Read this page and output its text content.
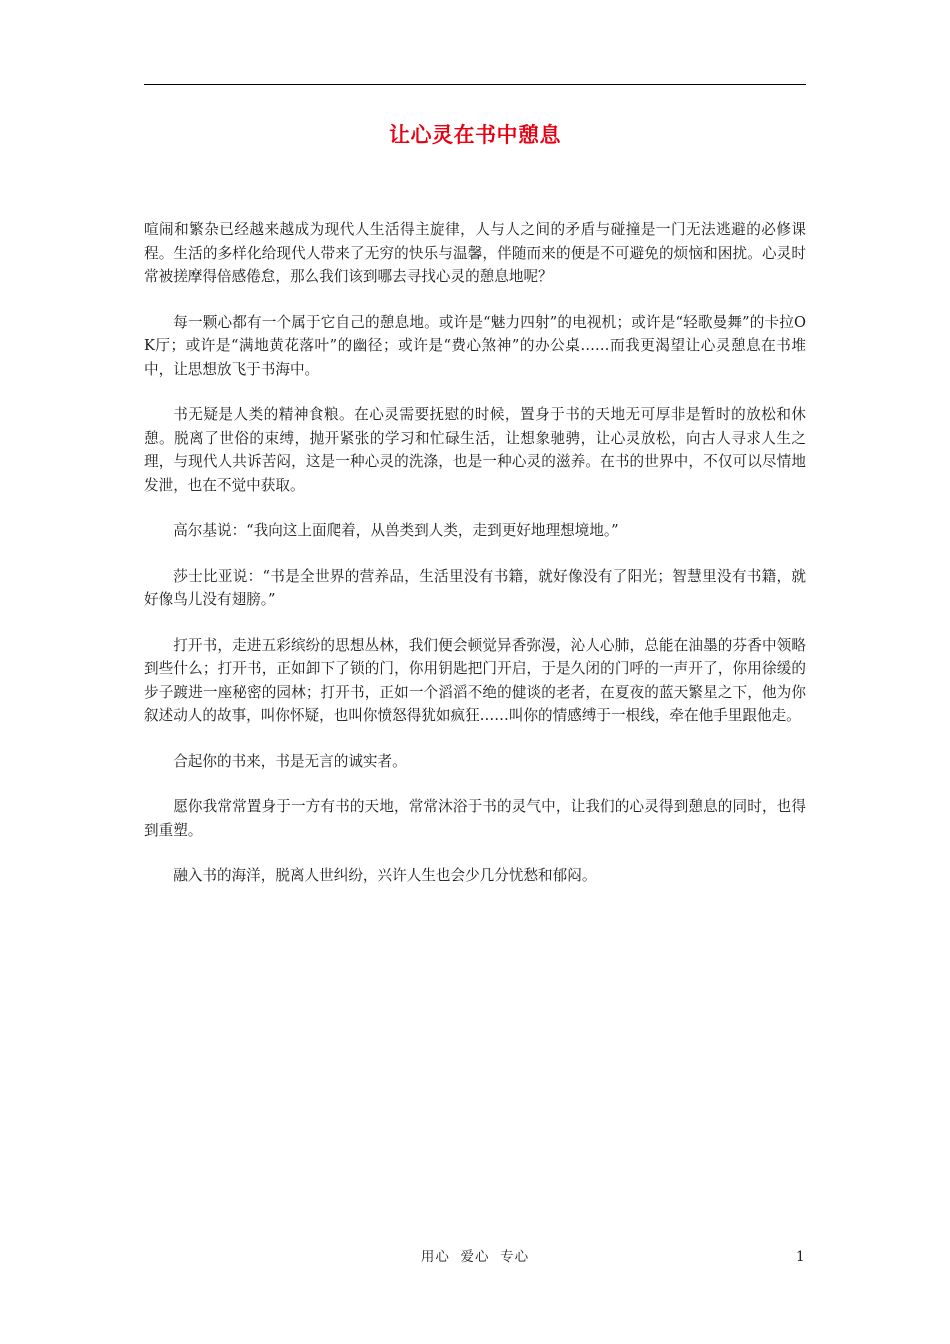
让心灵在书中憩息

喧闹和繁杂已经越来越成为现代人生活得主旋律，人与人之间的矛盾与碰撞是一门无法逃避的必修课程。生活的多样化给现代人带来了无穷的快乐与温馨，伴随而来的便是不可避免的烦恼和困扰。心灵时常被搓摩得倍感倦怠，那么我们该到哪去寻找心灵的憩息地呢？

每一颗心都有一个属于它自己的憩息地。或许是“魅力四射”的电视机；或许是“轻歌曼舞”的卡拉OK厅；或许是“满地黄花落叶”的幽径；或许是“费心煞神”的办公桌……而我更渴望让心灵憩息在书堆中，让思想放飞于书海中。

书无疑是人类的精神食粮。在心灵需要抚慰的时候，置身于书的天地无可厚非是暂时的放松和休憩。脱离了世俗的束缚，抛开紧张的学习和忙碌生活，让想象驰骋，让心灵放松，向古人寻求人生之理，与现代人共诉苦闷，这是一种心灵的洗涤，也是一种心灵的滋养。在书的世界中，不仅可以尽情地发泄，也在不觉中获取。

高尔基说：“我向这上面爬着，从兽类到人类，走到更好地理想境地。”

莎士比亚说：“书是全世界的营养品，生活里没有书籍，就好像没有了阳光；智慧里没有书籍，就好像鸟儿没有翅膀。”

打开书，走进五彩缤纷的思想丛林，我们便会顿觉异香弥漫，沁人心肺，总能在油墨的芬香中领略到些什么；打开书，正如卸下了锁的门，你用钥匙把门开启，于是久闭的门呼的一声开了，你用徐缓的步子踱进一座秘密的园林；打开书，正如一个滔滔不绝的健谈的老者，在夏夜的蓝天繁星之下，他为你叙述动人的故事，叫你怀疑，也叫你愤怒得犹如疯狂……叫你的情感缚于一根线，牵在他手里跟他走。

合起你的书来，书是无言的诚实者。

愿你我常常置身于一方有书的天地，常常沐浴于书的灵气中，让我们的心灵得到憩息的同时，也得到重塑。

融入书的海洋，脱离人世纠纷，兴许人生也会少几分忧愁和郁闷。

用心  爱心  专心	1
